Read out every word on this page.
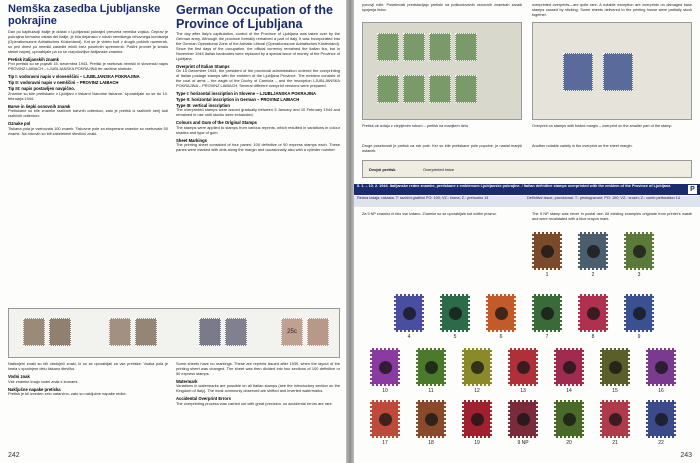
Nemška zasedba Ljubljanske pokrajine
German Occupation of the Province of Ljubljana
Dan po kapitulaciji Italije je oblast v Ljubljanski pokrajini prevzela nemška vojska. Čeprav je pokrajina formalno ostala del Italije, je bila dejansko v rokah nemškega vrhovnega komisarja (Operationszone Adriatisches Küstenland). Kot se je videlo tudi v drugih poštnih razmerah, so prvi dnevi po nemški zasedbi minili brez posebnih sprememb. Poštni promet je kmalu stekel naprej, uporabljale pa so se razpoložljive italijanske znamke.
Pretisk italijanskih znamk
Prvi pretiski so se pojavili 15. decembra 1943. Pretisk je vseboval nemški in slovenski napis PROVINZ LAIBACH – LJUBLJANSKA POKRAJINA ter različne simbole.
Tip I: vodoravni napis v slovenščini – LJUBLJANSKA POKRAJINA
Tip II: vodoravni napis v nemščini – PROVINZ LAIBACH
Tip III: napis postavljen navpično.
Znamke so bile pretiskane v Ljubljani v tiskarni Narodne tiskarne. Uporabljale so se do 10. februarja 1944.
Barve in šepki osnovnih znamk
Pretiskane so bile znamke različnih barvnih odtenkov, zato je pretisk iz različnih serij tudi različnih odtenkov.
Oznake pol
Tiskana pola je vsebovala 100 znamk. Tiskovne pole za ekspresne znamke so vsebovale 50 znamk. Na robovih so bili zabeleženi številčni znaki.
The day after Italy's capitulation, control of the Province of Ljubljana was taken over by the German army. Although the province formally remained a part of Italy, it was incorporated into the German Operational Zone of the Adriatic Littoral (Operationszone Adriatisches Küstenland). Since the first days of the occupation, the official currency remained the Italian lira, but in November 1944 Italian banknotes were replaced by a special issue of money of the Province of Ljubljana.
Overprint of Italian Stamps
On 15 December 1943, the president of the provincial administration ordered the overprinting of Italian postage stamps with the emblem of the Ljubljana Province. The emblem consists of the coat of arms – the eagle of the Duchy of Carniola – and the inscription LJUBLJANSKA POKRAJINA – PROVINZ LAIBACH. Several different overprint versions were prepared.
Type I: horizontal inscription in Slovene – LJUBLJANSKA POKRAJINA
Type II: horizontal inscription in German – PROVINZ LAIBACH
Type III: vertical inscription
The overprinted stamps were issued gradually between 5 January and 10 February 1944 and remained in use until stocks were exhausted.
Colours and Gum of the Original Stamps
The stamps were applied to stamps from various reprints, which resulted in variations in colour shades and type of gum.
Sheet Markings
The printing sheet consisted of four panes: 100 definitive or 50 express stamps each. These panes were marked with dots along the margin and occasionally also with a cylinder number.
25c
Natisnjeni znaki so bili obstoječi znaki, ki so se uporabljali za vse pretiske. Vsaka pola je imela v spodnjem delu tiskano številko.
Vodni znak
Vse znamke imajo vodni znak s kronami.
Naključne napake pretiska
Pretisk je bil izveden zelo natančno, zato so naključne napake redke.
Some sheets have no markings. These are reprints issued after 1939, when the layout of the printing sheet was changed. The sheet was then divided into two sections of 100 definitive or 50 express stamps.
Watermark
Variations in watermarks are possible on all Italian stamps (see the introductory section on the Kingdom of Italy). The most commonly observed are shifted and inverted watermarks.
Accidental Overprint Errors
The overprinting process was carried out with great precision, so accidental errors are rare.
242
ponovji rolle. Posebnosti predstavljajo pretiski na poškodovanih osnovnih znamkah zaradi spojenja listov.
overprinted overprints—are quite rare. A notable exception are overprints on damaged base stamps caused by sticking. Some sheets delivered to the printing house were partially stuck together.
Pretisk ob izdajo z zlepljenim robom – pretisk na manjšem delu	Overprint on stamps with folded margin – overprint on the smaller part of the stamp
Druge posebnosti je pretisk na rob pole. Ker so bile pretiskane pole popolne, je nastal manjši ostanek.
Another notable variety is the overprint on the sheet margin.
Dvojni pretisk	Overprinted twice
5. 1. – 10. 2. 1944. Italijanske redne znamke, pretiskane z emblemom Ljubljanske pokrajine. / Italian definitive stamps overprinted with the emblem of the Province of Ljubljana	P
Redna izdaja, rašasta. T: različni grafični PO: 100; VZ.: krona; Z.: prehodno 14	Definitive issue, provisional. T.: photogravure; PO: 100; VZ.: crown; Z.: comb perforation 14
The 9 NP stamp was never in postal use. All existing examples originate from printer's waste and were revalidated with a blue crayon mark.
Za 9 NP znamko ni bilo vse izdano. Znamke so se uporabljale kot ovitke prazno.
243
1	2	3
4	5	6	7	8	9
10	11	12	13	14	15	16
17	18	19	9 NP	20	21	22
